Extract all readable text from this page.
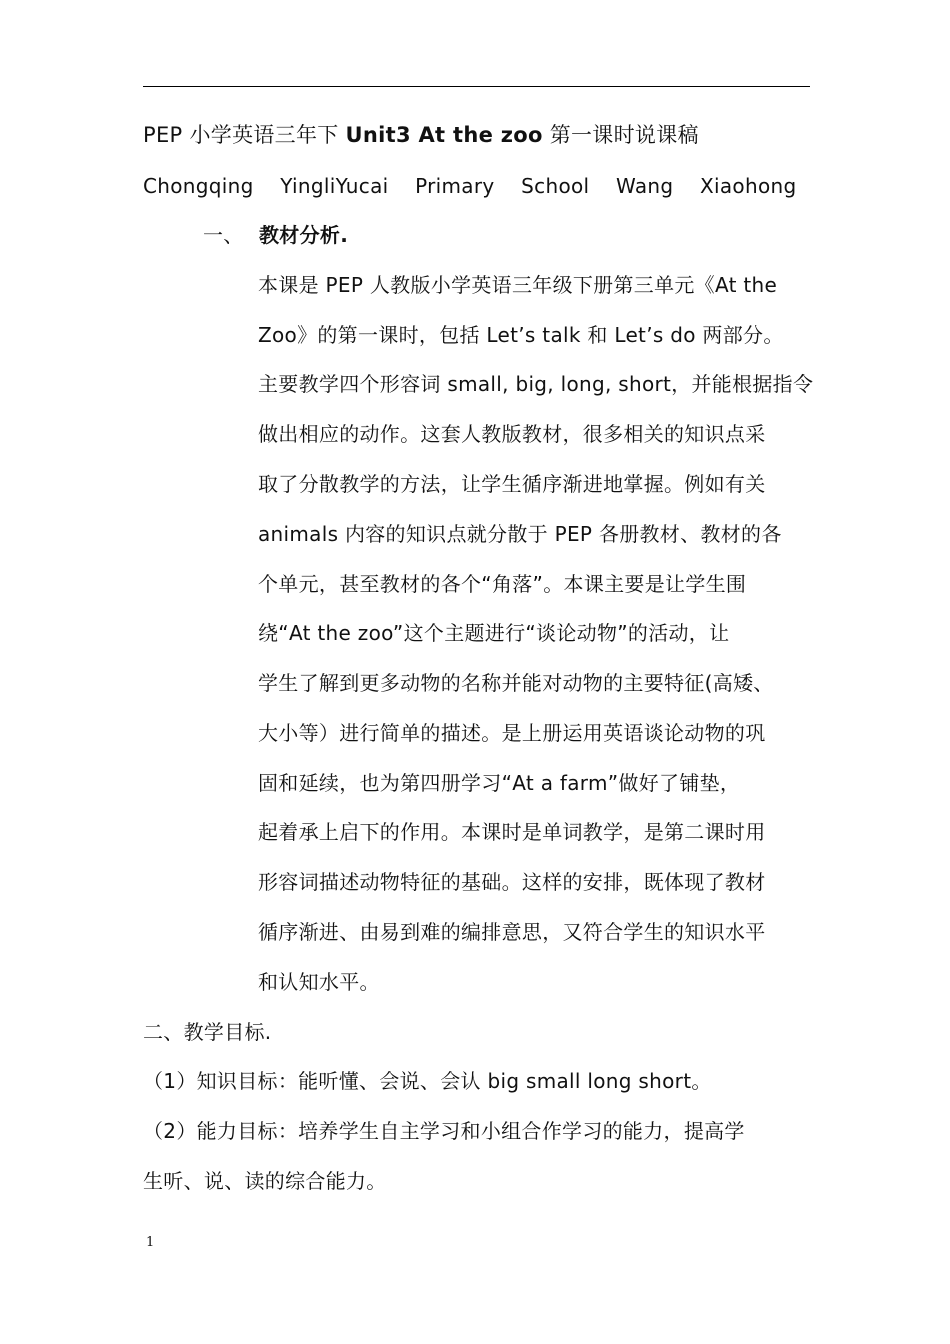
PEP 小学英语三年下 Unit3 At the zoo 第一课时说课稿
Chongqing YingliYucai Primary School Wang Xiaohong
一、 教材分析.
本课是 PEP 人教版小学英语三年级下册第三单元《At the
Zoo》的第一课时，包括 Let’s talk 和 Let’s do 两部分。
主要教学四个形容词 small, big, long, short，并能根据指令
做出相应的动作。这套人教版教材，很多相关的知识点采
取了分散教学的方法，让学生循序渐进地掌握。例如有关
animals 内容的知识点就分散于 PEP 各册教材、教材的各
个单元，甚至教材的各个“角落”。本课主要是让学生围
绕“At the zoo”这个主题进行“谈论动物”的活动，让
学生了解到更多动物的名称并能对动物的主要特征(高矮、
大小等）进行简单的描述。是上册运用英语谈论动物的巩
固和延续，也为第四册学习“At a farm”做好了铺垫，
起着承上启下的作用。本课时是单词教学，是第二课时用
形容词描述动物特征的基础。这样的安排，既体现了教材
循序渐进、由易到难的编排意思，又符合学生的知识水平
和认知水平。
二、教学目标.
（1）知识目标：能听懂、会说、会认 big small long short。
（2）能力目标：培养学生自主学习和小组合作学习的能力，提高学
生听、说、读的综合能力。
1
